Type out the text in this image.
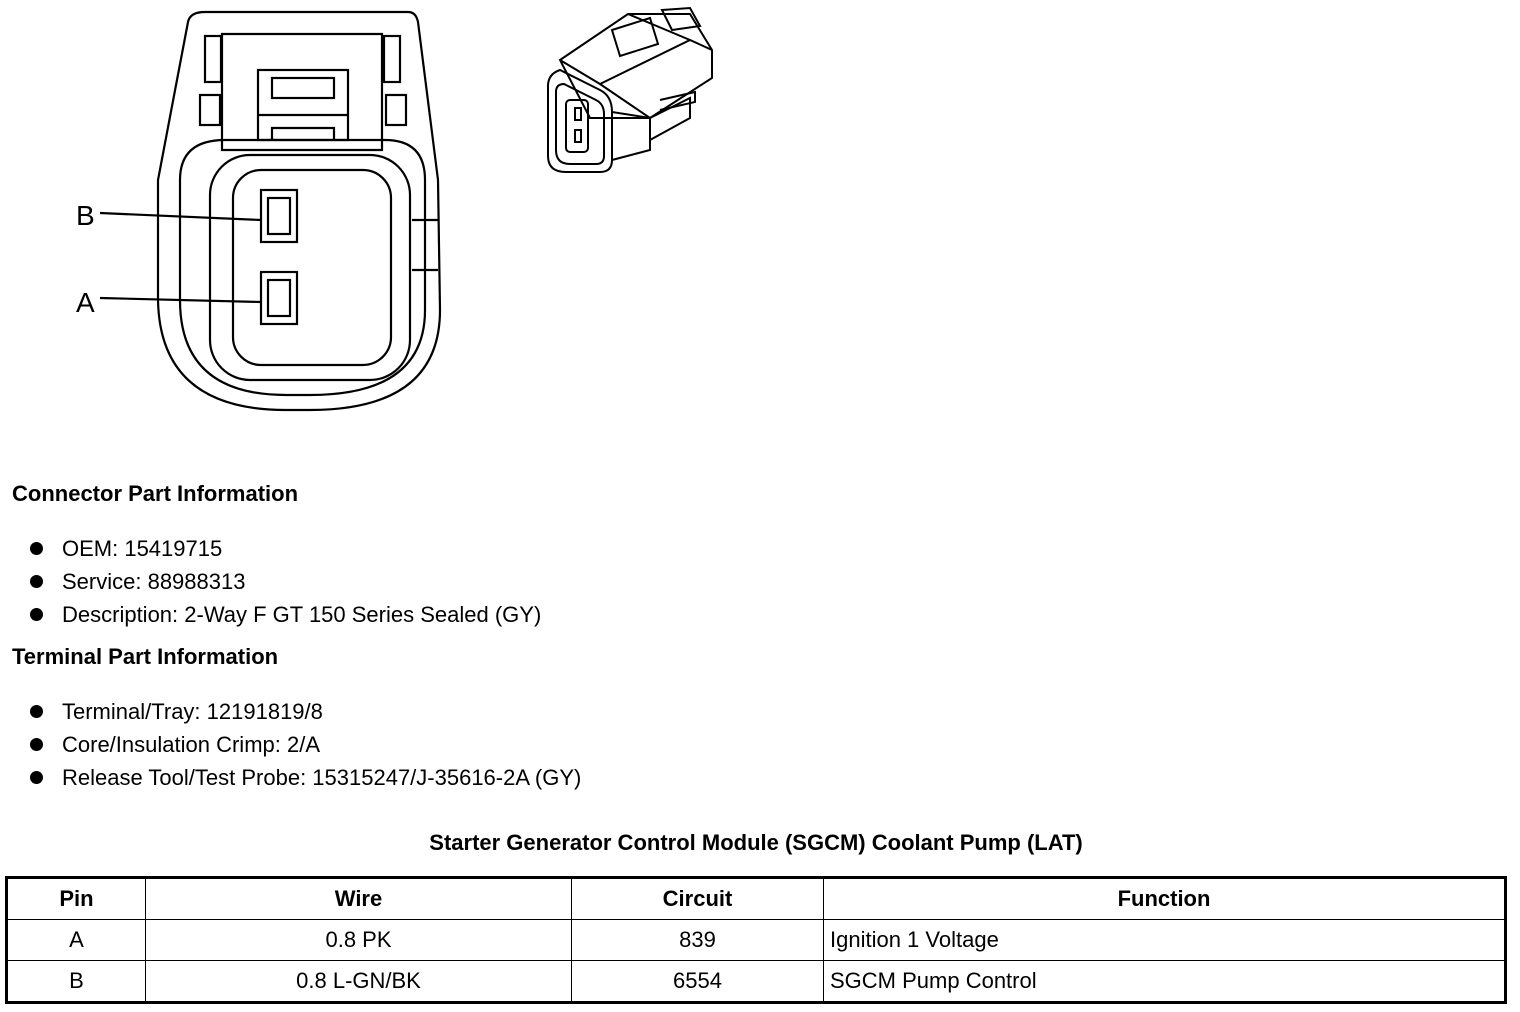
B
A
Connector Part Information
OEM: 15419715
Service: 88988313
Description: 2-Way F GT 150 Series Sealed (GY)
Terminal Part Information
Terminal/Tray: 12191819/8
Core/Insulation Crimp: 2/A
Release Tool/Test Probe: 15315247/J-35616-2A (GY)
Starter Generator Control Module (SGCM) Coolant Pump (LAT)
Pin	Wire	Circuit	Function
A	0.8 PK	839	Ignition 1 Voltage
B	0.8 L-GN/BK	6554	SGCM Pump Control
